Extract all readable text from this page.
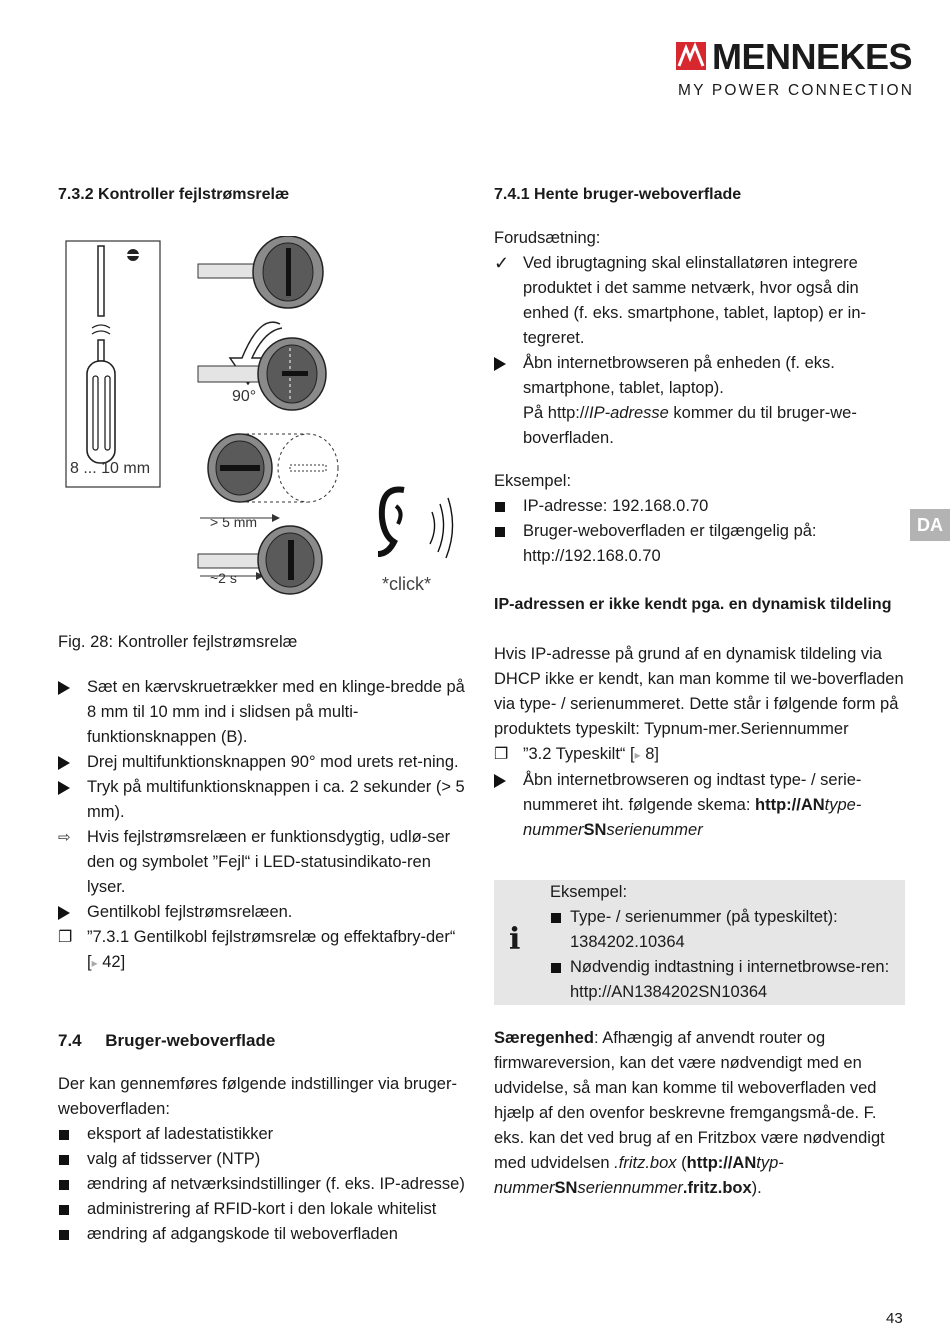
MENNEKES
MY POWER CONNECTION
DA
7.3.2 Kontroller fejlstrømsrelæ
90°
8 ... 10 mm
> 5 mm
~2 s	*click*
Fig. 28: Kontroller fejlstrømsrelæ
Sæt en kærvskruetrækker med en klinge-bredde på 8 mm til 10 mm ind i slidsen på multi-funktionsknappen (B).
Drej multifunktionsknappen 90° mod urets ret-ning.
Tryk på multifunktionsknappen i ca. 2 sekunder (> 5 mm).
⇨ Hvis fejlstrømsrelæen er funktionsdygtig, udlø-ser den og symbolet ”Fejl“ i LED-statusindikato-ren lyser.
Gentilkobl fejlstrømsrelæen.
❐ ”7.3.1 Gentilkobl fejlstrømsrelæ og effektafbry-der“ [▸ 42]
7.4     Bruger-weboverflade
Der kan gennemføres følgende indstillinger via bruger-weboverfladen:
eksport af ladestatistikker
valg af tidsserver (NTP)
ændring af netværksindstillinger (f. eks. IP-adresse)
administrering af RFID-kort i den lokale whitelist
ændring af adgangskode til weboverfladen
7.4.1 Hente bruger-weboverflade
Forudsætning:
✓ Ved ibrugtagning skal elinstallatøren integrere produktet i det samme netværk, hvor også din enhed (f. eks. smartphone, tablet, laptop) er in-tegreret.
Åbn internetbrowseren på enheden (f. eks. smartphone, tablet, laptop).
På http://IP-adresse kommer du til bruger-we-boverfladen.
Eksempel:
IP-adresse: 192.168.0.70
Bruger-weboverfladen er tilgængelig på: http://192.168.0.70
IP-adressen er ikke kendt pga. en dynamisk tildeling
Hvis IP-adresse på grund af en dynamisk tildeling via DHCP ikke er kendt, kan man komme til we-boverfladen via type- / serienummeret. Dette står i følgende form på produktets typeskilt: Typnum-mer.Seriennummer
❐ ”3.2 Typeskilt“ [▸ 8]
Åbn internetbrowseren og indtast type- / serie-nummeret iht. følgende skema: http://ANtype-nummerSNserienummer
i
Eksempel:
Type- / serienummer (på typeskiltet): 1384202.10364
Nødvendig indtastning i internetbrowse-ren: http://AN1384202SN10364
Særegenhed: Afhængig af anvendt router og firmwareversion, kan det være nødvendigt med en udvidelse, så man kan komme til weboverfladen ved hjælp af den ovenfor beskrevne fremgangsmå-de. F. eks. kan det ved brug af en Fritzbox være nødvendigt med udvidelsen .fritz.box (http://ANtyp-nummerSNseriennummer.fritz.box).
43
